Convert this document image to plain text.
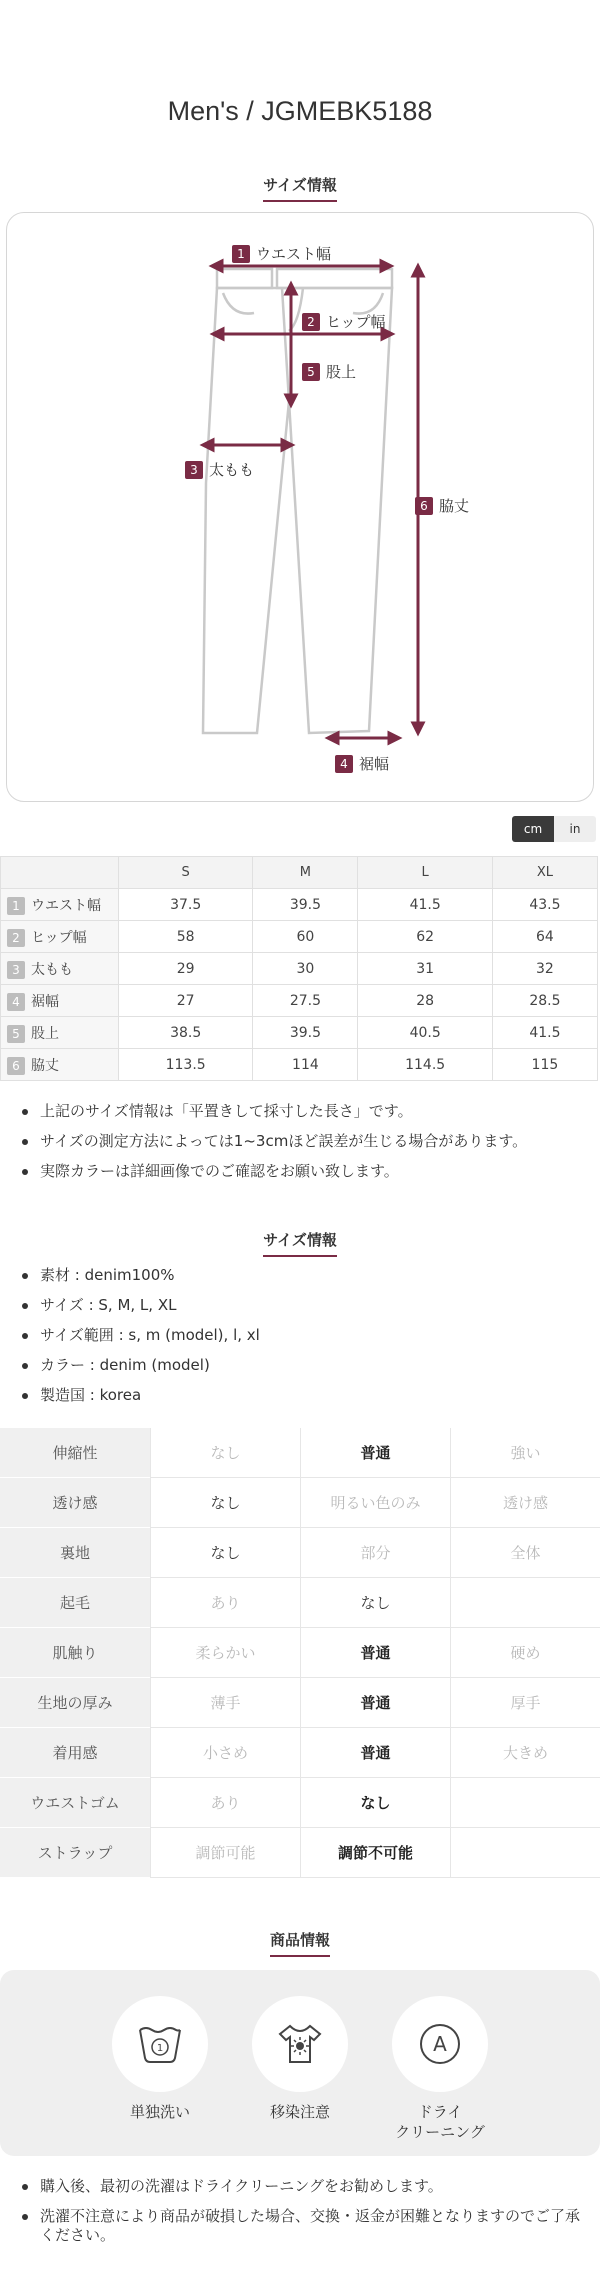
Men's / JGMEBK5188
サイズ情報
1 ウエスト幅
2 ヒップ幅
5 股上
3 太もも
6 脇丈
4 裾幅
cm	in
	S	M	L	XL
1 ウエスト幅	37.5	39.5	41.5	43.5
2 ヒップ幅	58	60	62	64
3 太もも	29	30	31	32
4 裾幅	27	27.5	28	28.5
5 股上	38.5	39.5	40.5	41.5
6 脇丈	113.5	114	114.5	115
上記のサイズ情報は「平置きして採寸した長さ」です。
サイズの測定方法によっては1~3cmほど誤差が生じる場合があります。
実際カラーは詳細画像でのご確認をお願い致します。
サイズ情報
素材 : denim100%
サイズ : S, M, L, XL
サイズ範囲 : s, m (model), l, xl
カラー : denim (model)
製造国 : korea
伸縮性	なし	普通	強い
透け感	なし	明るい色のみ	透け感
裏地	なし	部分	全体
起毛	あり	なし	
肌触り	柔らかい	普通	硬め
生地の厚み	薄手	普通	厚手
着用感	小さめ	普通	大きめ
ウエストゴム	あり	なし	
ストラップ	調節可能	調節不可能	
商品情報
1
単独洗い	移染注意
A
ドライ
クリーニング
購入後、最初の洗濯はドライクリーニングをお勧めします。
洗濯不注意により商品が破損した場合、交換・返金が困難となりますのでご了承ください。
